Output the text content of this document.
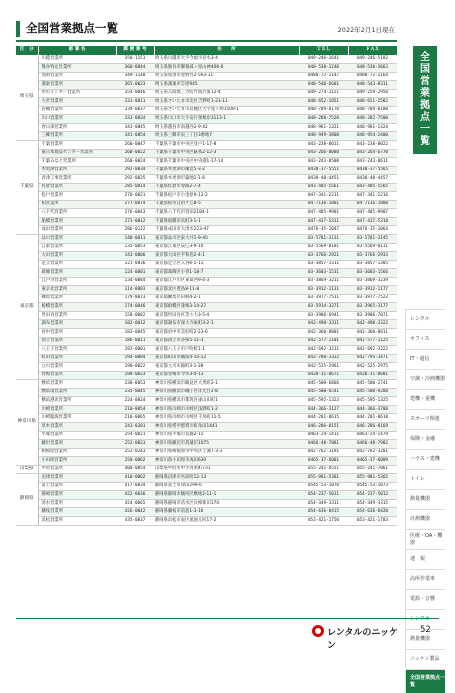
全国営業拠点一覧	2022年2月1日現在
区　分	部 署 名	郵 便 番 号	住　　所	ＴＥＬ	ＦＡＸ
埼玉県	川越営業所	350-1151	埼玉県川越市大字今福字岩水3-4	049-246-1641	049-246-5182
	熊谷特定営業所	360-0844	埼玉県熊谷市御稜威ヶ原山神406-6	048-530-3240	048-530-3663
	加須営業所	349-1148	埼玉県加須市豊野台2-563-11	0480-72-1147	0480-72-1164
	鴻巣営業所	365-0023	埼玉県鴻巣市笠原945	048-540-6601	048-543-8311
	所沢インター営業所	354-0046	埼玉県入間郡三芳町竹間沢東12-4	049-274-3121	049-259-2950
	大宮営業所	331-0811	埼玉県さいたま市北区吉野町1-23-11	048-652-1051	048-651-2582
	岩槻営業所	339-0037	埼玉県さいたま市岩槻区大字尾ヶ崎1509-1	048-789-8170	048-789-8180
	川口営業所	333-0834	埼玉県川口市大字安行領根岸3113-1	048-288-7520	048-282-7500
	春日部営業所	343-0845	埼玉県越谷市南越谷2-9-42	048-961-1321	048-961-1324
	三郷営業所	341-0054	埼玉県三郷市泉三丁目3番地7	048-949-3800	048-954-2400
千葉県	千葉営業所	260-0047	千葉県千葉市中央区登戸1-17-8	043-238-0011	043-238-0022
	東日本製品センター営業所	260-0822	千葉県千葉市中央区蘇我2-12-3	043-266-0080	043-264-6770
	千葉みなと営業所	260-0024	千葉県千葉市中央区中央港1-17-14	043-243-8500	043-243-8611
	木更津営業所	292-0834	千葉県木更津市潮見5-3-2	0438-37-5551	0438-37-5565
	君津工事営業所	292-0835	千葉県木更津市築地1-1-6	0438-40-4451	0438-40-4457
	佐倉営業所	285-0814	千葉県佐倉市春路2-7-4	043-485-5561	043-485-5565
	松戸営業所	270-0021	千葉県松戸市小金原9-12-2	047-341-2211	047-341-2216
	柏営業所	277-0874	千葉県柏市自由ケ丘8-5	04-7136-1801	04-7136-1808
	八千代営業所	276-0043	千葉県八千代市萱田2184-1	047-485-9901	047-485-9907
	船橋営業所	273-0012	千葉県船橋市浜町3-1-1	047-437-5311	047-437-5318
	成田営業所	286-0122	千葉県成田市大清水223-47	0476-35-1047	0476-35-1064
東京都	品川営業所	140-0011	東京都品川区東大井1-9-40	03-5781-3131	03-5781-3145
	江東営業所	135-0053	東京都江東区辰巳3-9-10	03-5569-0101	03-5569-0111
	大田営業所	143-0006	東京都大田区平和島2-4-1	03-3766-2921	03-3766-2933
	足立営業所	121-0836	東京都足立区入谷6-1-11	03-3857-1311	03-3857-1305
	葛飾営業所	124-0001	東京都葛飾区小菅1-18-7	03-3603-1531	03-3603-1566
	江戸川営業所	134-0084	東京都江戸川区東葛西9-4-3	03-3869-3211	03-3869-3239
	東京北営業所	114-0003	東京都北区豊島8-11-8	03-3912-1131	03-3912-1177
	練馬営業所	179-0073	東京都練馬区田柄4-2-1	03-3977-7511	03-3977-7522
	板橋営業所	174-0046	東京都板橋区蓮根3-14-27	03-5914-3271	03-3965-3177
	世田谷営業所	158-0082	東京都世田谷区等々力3-5-4	03-3906-6941	03-3906-7071
	調布営業所	182-0012	東京都調布市深大寺東町3-2-1	042-490-3311	042-490-3322
	府中営業所	183-0045	東京都府中市美好町2-23-6	042-360-8801	042-360-8811
	国立営業所	186-0011	東京都国立市谷保5-11-3	042-577-1101	042-577-1125
	八王子営業所	192-0001	東京都八王子市戸吹町1-1	042-692-3211	042-692-3222
	町田営業所	194-0004	東京都町田市鶴間4-10-12	042-788-3322	042-795-3471
	立川営業所	190-0022	東京都立川市錦町3-1-28	042-525-2961	042-525-2975
	青梅営業所	198-0023	東京都青梅市今井3-4-13	0428-31-0671	0428-31-0681
神奈川県	横浜営業所	230-0053	神奈川県横浜市鶴見区大黒町2-1	045-500-6866	045-500-2741
	横浜南営業所	235-0045	神奈川県横浜市磯子区洋光台2-8	045-500-6541	045-500-9288
	横浜港北営業所	224-0024	神奈川県横浜市都筑区東山田町1	045-595-1323	045-595-1325
	川崎営業所	210-0854	神奈川県川崎市川崎区浅野町1-2	044-366-3127	044-366-3700
	川崎臨海営業所	210-0865	神奈川県川崎市川崎区千鳥町11-5	044-201-8615	044-201-8618
	厚木営業所	243-0301	神奈川県愛甲郡愛川町角田1441	046-286-0151	046-286-0169
	平塚営業所	254-0021	神奈川県平塚市長瀞2-15	0463-24-1411	0463-24-1479
	藤沢営業所	252-0823	神奈川県藤沢市菖蒲沢1075	0466-48-7881	0466-48-7982
	相模原営業所	252-0243	神奈川県相模原市中央区上溝7-3-3	042-762-3191	042-762-3201
	小田原営業所	250-0862	神奈川県小田原市成田630	0465-37-6001	0465-37-6009
山梨県	甲府営業所	400-0854	山梨県甲府市中小河原町731	055-241-4551	055-241-7061
静岡県	沼津営業所	410-0062	静岡県沼津市宮前町12-13	055-981-5361	055-981-5365
	富士営業所	417-0034	静岡県富士市津田299-6	0545-53-1070	0545-53-1073
	静岡営業所	422-8036	静岡県静岡市駿河区敷地2-11-1	054-237-5011	054-237-5012
	清水営業所	424-0065	静岡県静岡市清水区長崎新田170	054-349-3311	054-349-3315
	藤枝営業所	426-0042	静岡県藤枝市前島1-3-16	054-636-8415	054-636-8420
	浜松営業所	435-0037	静岡県浜松市東区流通元町17-2	053-421-1750	053-421-1783
全
国
営
業
拠
点
一
覧
レンタル
オフィス
IT・通信
空調・冷熱機器
建機・重機
スポーツ関連
保険・金融
ハウス・建機
トイレ
測量機器
計測機器
医療・OA・機器
速　報
高所作業車
電源・音響
レンタカー
測量機器
ニッケン製品
全国営業拠点一覧
レンタルのニッケン
52
